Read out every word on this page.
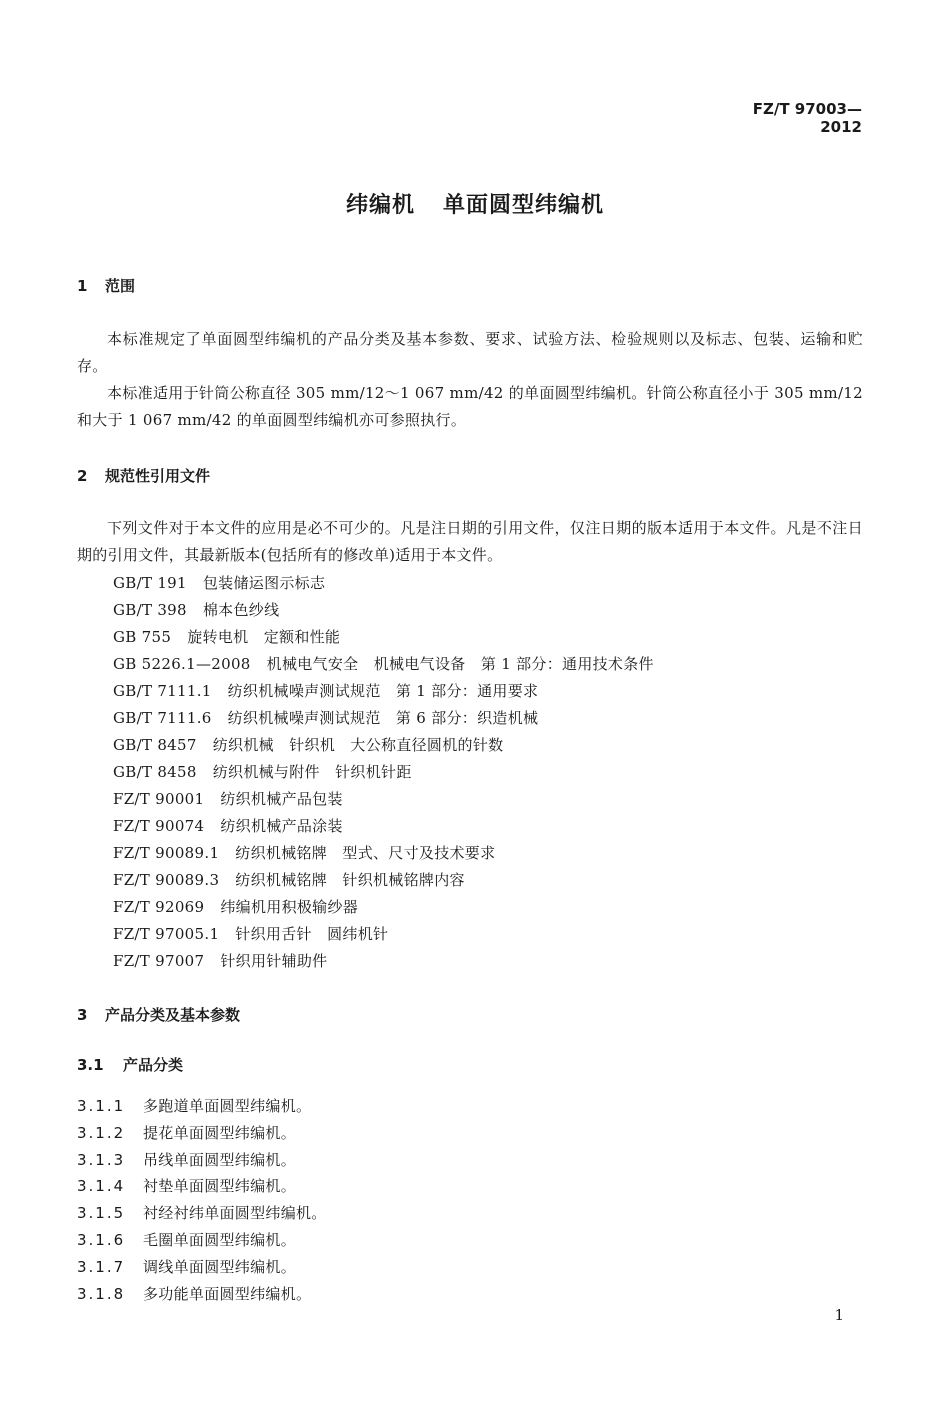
FZ/T 97003—2012
纬编机 单面圆型纬编机
1 范围
本标准规定了单面圆型纬编机的产品分类及基本参数、要求、试验方法、检验规则以及标志、包装、运输和贮存。
本标准适用于针筒公称直径 305 mm/12～1 067 mm/42 的单面圆型纬编机。针筒公称直径小于 305 mm/12 和大于 1 067 mm/42 的单面圆型纬编机亦可参照执行。
2 规范性引用文件
下列文件对于本文件的应用是必不可少的。凡是注日期的引用文件，仅注日期的版本适用于本文件。凡是不注日期的引用文件，其最新版本(包括所有的修改单)适用于本文件。
GB/T 191 包装储运图示标志
GB/T 398 棉本色纱线
GB 755 旋转电机　定额和性能
GB 5226.1—2008 机械电气安全　机械电气设备　第 1 部分：通用技术条件
GB/T 7111.1 纺织机械噪声测试规范　第 1 部分：通用要求
GB/T 7111.6 纺织机械噪声测试规范　第 6 部分：织造机械
GB/T 8457 纺织机械　针织机　大公称直径圆机的针数
GB/T 8458 纺织机械与附件　针织机针距
FZ/T 90001 纺织机械产品包装
FZ/T 90074 纺织机械产品涂装
FZ/T 90089.1 纺织机械铭牌　型式、尺寸及技术要求
FZ/T 90089.3 纺织机械铭牌　针织机械铭牌内容
FZ/T 92069 纬编机用积极输纱器
FZ/T 97005.1 针织用舌针　圆纬机针
FZ/T 97007 针织用针辅助件
3 产品分类及基本参数
3.1 产品分类
3.1.1 多跑道单面圆型纬编机。
3.1.2 提花单面圆型纬编机。
3.1.3 吊线单面圆型纬编机。
3.1.4 衬垫单面圆型纬编机。
3.1.5 衬经衬纬单面圆型纬编机。
3.1.6 毛圈单面圆型纬编机。
3.1.7 调线单面圆型纬编机。
3.1.8 多功能单面圆型纬编机。
1
